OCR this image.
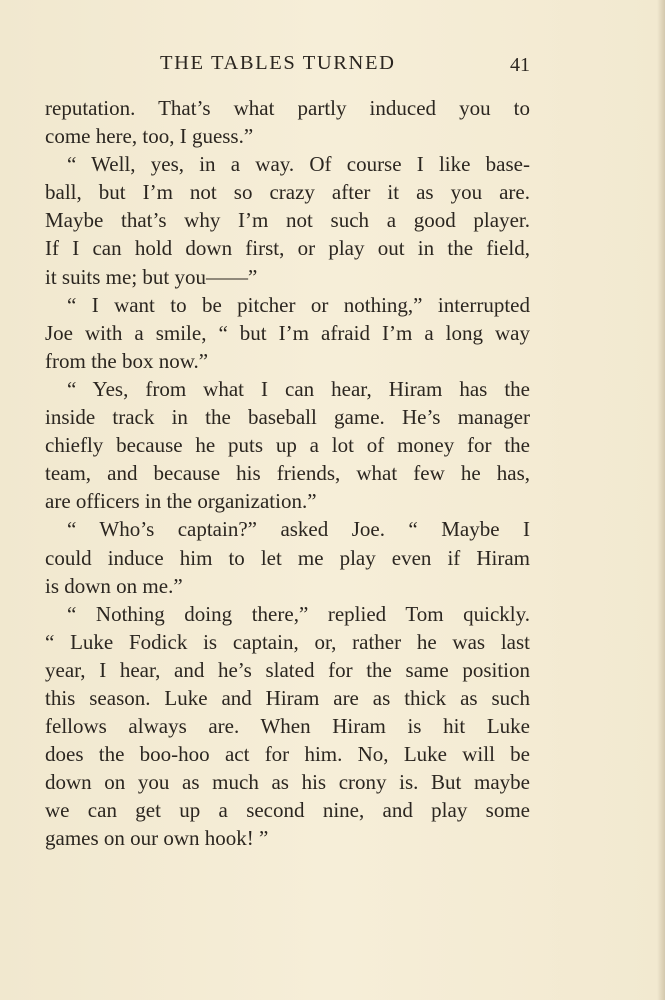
THE TABLES TURNED	41
reputation. That’s what partly induced you to
come here, too, I guess.”
“ Well, yes, in a way. Of course I like base-
ball, but I’m not so crazy after it as you are.
Maybe that’s why I’m not such a good player.
If I can hold down first, or play out in the field,
it suits me; but you——”
“ I want to be pitcher or nothing,” interrupted
Joe with a smile, “ but I’m afraid I’m a long way
from the box now.”
“ Yes, from what I can hear, Hiram has the
inside track in the baseball game. He’s manager
chiefly because he puts up a lot of money for the
team, and because his friends, what few he has,
are officers in the organization.”
“ Who’s captain?” asked Joe. “ Maybe I
could induce him to let me play even if Hiram
is down on me.”
“ Nothing doing there,” replied Tom quickly.
“ Luke Fodick is captain, or, rather he was last
year, I hear, and he’s slated for the same position
this season. Luke and Hiram are as thick as such
fellows always are. When Hiram is hit Luke
does the boo-hoo act for him. No, Luke will be
down on you as much as his crony is. But maybe
we can get up a second nine, and play some
games on our own hook! ”
